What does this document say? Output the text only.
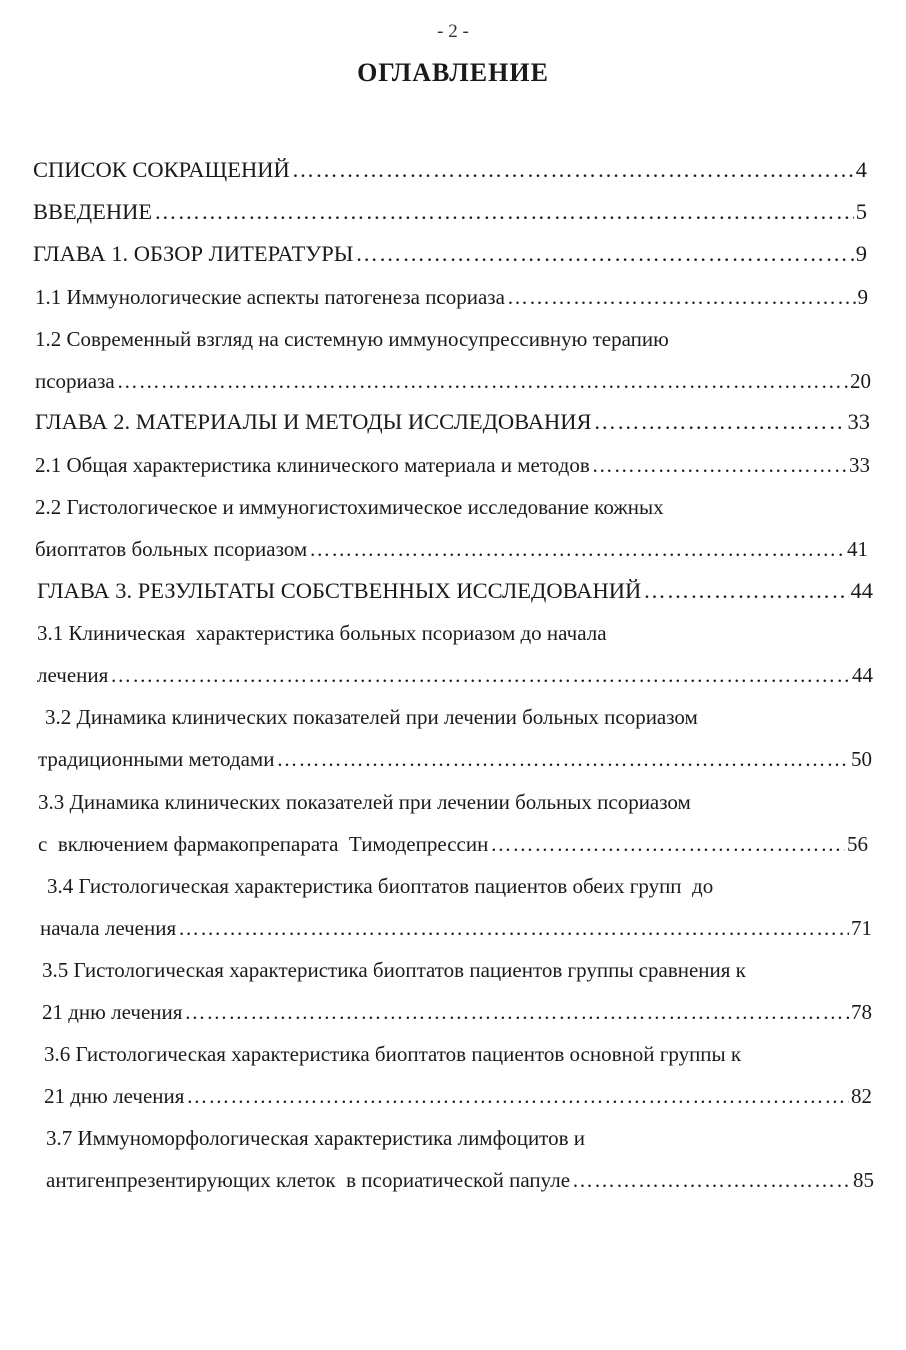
- 2 -
ОГЛАВЛЕНИЕ
СПИСОК СОКРАЩЕНИЙ ………………………………………………………………………………………………………………………………………………………………………………………………	4
ВВЕДЕНИЕ ………………………………………………………………………………………………………………………………………………………………………………………………	5
ГЛАВА 1. ОБЗОР ЛИТЕРАТУРЫ ………………………………………………………………………………………………………………………………………………………………………………………………	9
1.1 Иммунологические аспекты патогенеза псориаза ………………………………………………………………………………………………………………………………………………………………………………………………	9
1.2 Современный взгляд на системную иммуносупрессивную терапию
псориаза ………………………………………………………………………………………………………………………………………………………………………………………………	20
ГЛАВА 2. МАТЕРИАЛЫ И МЕТОДЫ ИССЛЕДОВАНИЯ ………………………………………………………………………………………………………………………………………………………………………………………………	33
2.1 Общая характеристика клинического материала и методов ………………………………………………………………………………………………………………………………………………………………………………………………	33
2.2 Гистологическое и иммуногистохимическое исследование кожных
биоптатов больных псориазом ………………………………………………………………………………………………………………………………………………………………………………………………	41
ГЛАВА 3. РЕЗУЛЬТАТЫ СОБСТВЕННЫХ ИССЛЕДОВАНИЙ ………………………………………………………………………………………………………………………………………………………………………………………………	44
3.1 Клиническая  характеристика больных псориазом до начала
лечения ………………………………………………………………………………………………………………………………………………………………………………………………	44
3.2 Динамика клинических показателей при лечении больных псориазом
традиционными методами ………………………………………………………………………………………………………………………………………………………………………………………………	50
3.3 Динамика клинических показателей при лечении больных псориазом
с  включением фармакопрепарата  Тимодепрессин ………………………………………………………………………………………………………………………………………………………………………………………………	56
3.4 Гистологическая характеристика биоптатов пациентов обеих групп  до
начала лечения ………………………………………………………………………………………………………………………………………………………………………………………………	71
3.5 Гистологическая характеристика биоптатов пациентов группы сравнения к
21 дню лечения ………………………………………………………………………………………………………………………………………………………………………………………………	78
3.6 Гистологическая характеристика биоптатов пациентов основной группы к
21 дню лечения ………………………………………………………………………………………………………………………………………………………………………………………………	82
3.7 Иммуноморфологическая характеристика лимфоцитов и
антигенпрезентирующих клеток  в псориатической папуле ………………………………………………………………………………………………………………………………………………………………………………………………	85
